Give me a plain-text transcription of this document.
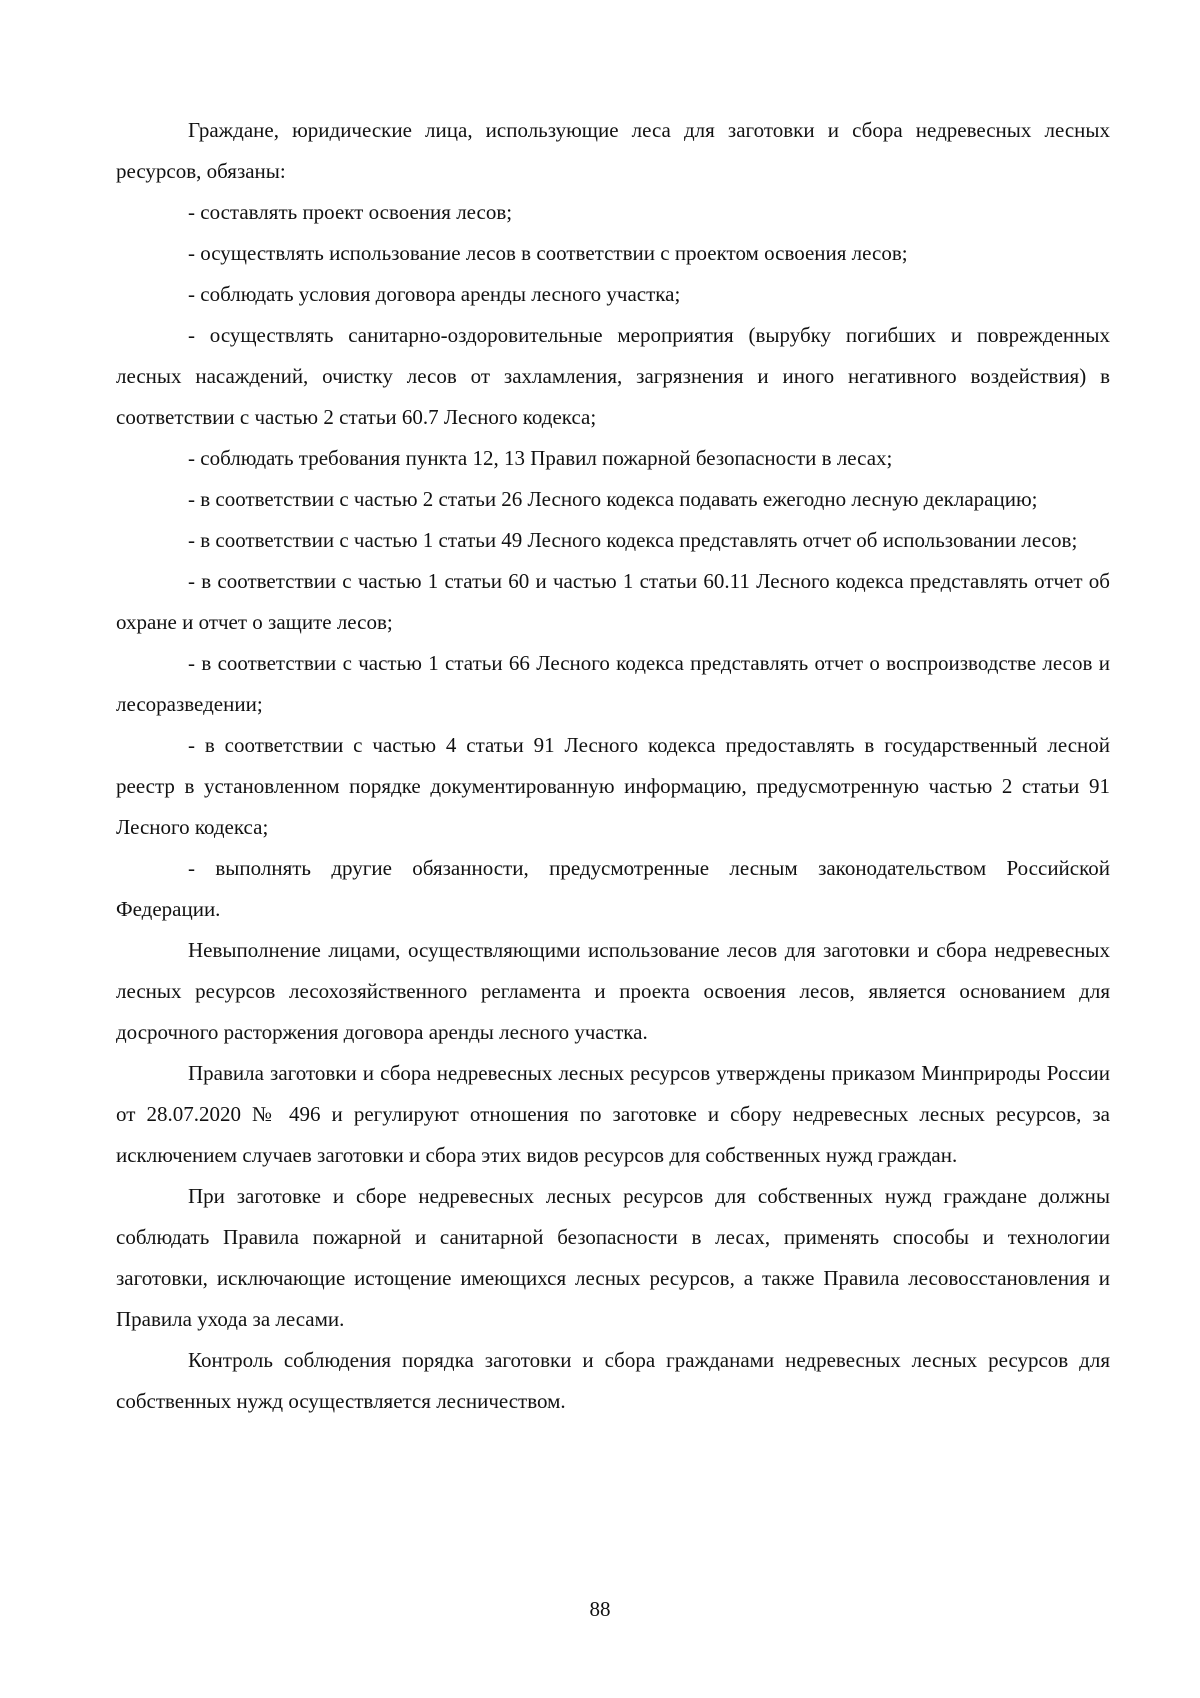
Граждане, юридические лица, использующие леса для заготовки и сбора недревесных лесных ресурсов, обязаны:

- составлять проект освоения лесов;

- осуществлять использование лесов в соответствии с проектом освоения лесов;

- соблюдать условия договора аренды лесного участка;

- осуществлять санитарно-оздоровительные мероприятия (вырубку погибших и поврежденных лесных насаждений, очистку лесов от захламления, загрязнения и иного негативного воздействия) в соответствии с частью 2 статьи 60.7 Лесного кодекса;

- соблюдать требования пункта 12, 13 Правил пожарной безопасности в лесах;

- в соответствии с частью 2 статьи 26 Лесного кодекса подавать ежегодно лесную декларацию;

- в соответствии с частью 1 статьи 49 Лесного кодекса представлять отчет об использовании лесов;

- в соответствии с частью 1 статьи 60 и частью 1 статьи 60.11 Лесного кодекса представлять отчет об охране и отчет о защите лесов;

- в соответствии с частью 1 статьи 66 Лесного кодекса представлять отчет о воспроизводстве лесов и лесоразведении;

- в соответствии с частью 4 статьи 91 Лесного кодекса предоставлять в государственный лесной реестр в установленном порядке документированную информацию, предусмотренную частью 2 статьи 91 Лесного кодекса;

- выполнять другие обязанности, предусмотренные лесным законодательством Российской Федерации.

Невыполнение лицами, осуществляющими использование лесов для заготовки и сбора недревесных лесных ресурсов лесохозяйственного регламента и проекта освоения лесов, является основанием для досрочного расторжения договора аренды лесного участка.

Правила заготовки и сбора недревесных лесных ресурсов утверждены приказом Минприроды России от 28.07.2020 № 496 и регулируют отношения по заготовке и сбору недревесных лесных ресурсов, за исключением случаев заготовки и сбора этих видов ресурсов для собственных нужд граждан.

При заготовке и сборе недревесных лесных ресурсов для собственных нужд граждане должны соблюдать Правила пожарной и санитарной безопасности в лесах, применять способы и технологии заготовки, исключающие истощение имеющихся лесных ресурсов, а также Правила лесовосстановления и Правила ухода за лесами.

Контроль соблюдения порядка заготовки и сбора гражданами недревесных лесных ресурсов для собственных нужд осуществляется лесничеством.

88
